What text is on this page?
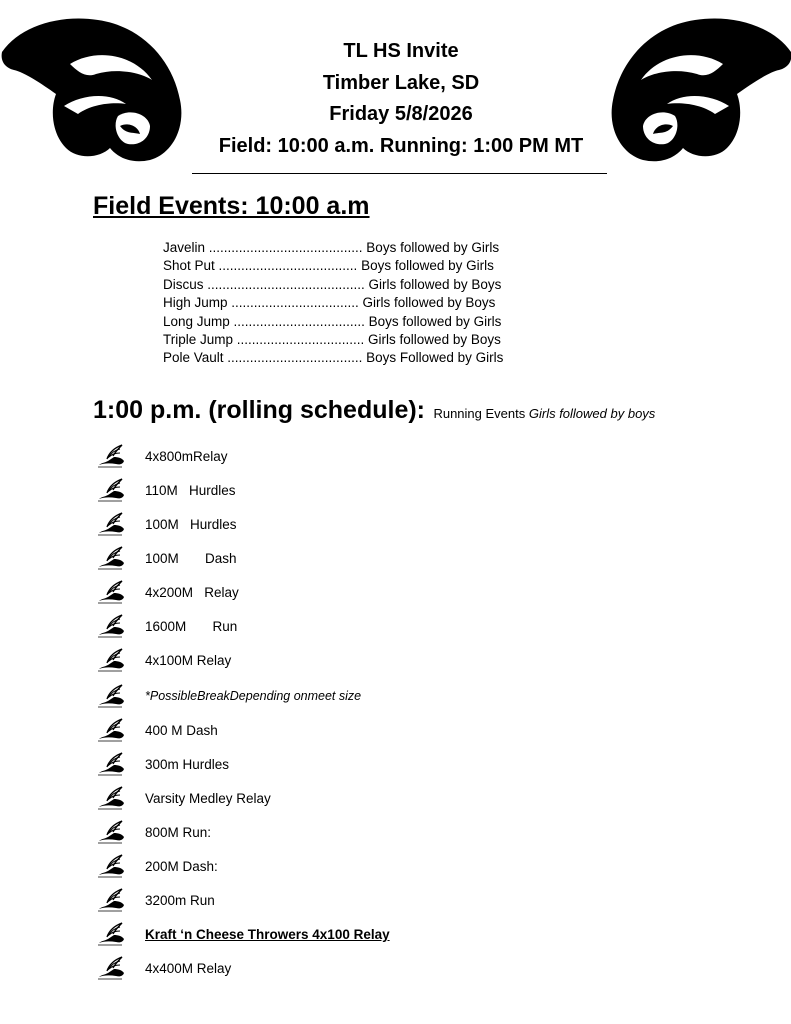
TL HS Invite
Timber Lake, SD
Friday 5/8/2026
Field: 10:00 a.m. Running: 1:00 PM MT
Field Events: 10:00 a.m
Javelin ......................................... Boys followed by Girls
Shot Put ..................................... Boys followed by Girls
Discus .......................................... Girls followed by Boys
High Jump .................................. Girls followed by Boys
Long Jump ................................... Boys followed by Girls
Triple Jump .................................. Girls followed by Boys
Pole Vault .................................... Boys Followed by Girls
1:00 p.m. (rolling schedule): Running Events Girls followed by boys
4x800mRelay
110M   Hurdles
100M   Hurdles
100M       Dash
4x200M   Relay
1600M       Run
4x100M Relay
*PossibleBreakDepending onmeet size
400 M Dash
300m Hurdles
Varsity Medley Relay
800M Run:
200M Dash:
3200m Run
Kraft ‘n Cheese Throwers 4x100 Relay
4x400M Relay
